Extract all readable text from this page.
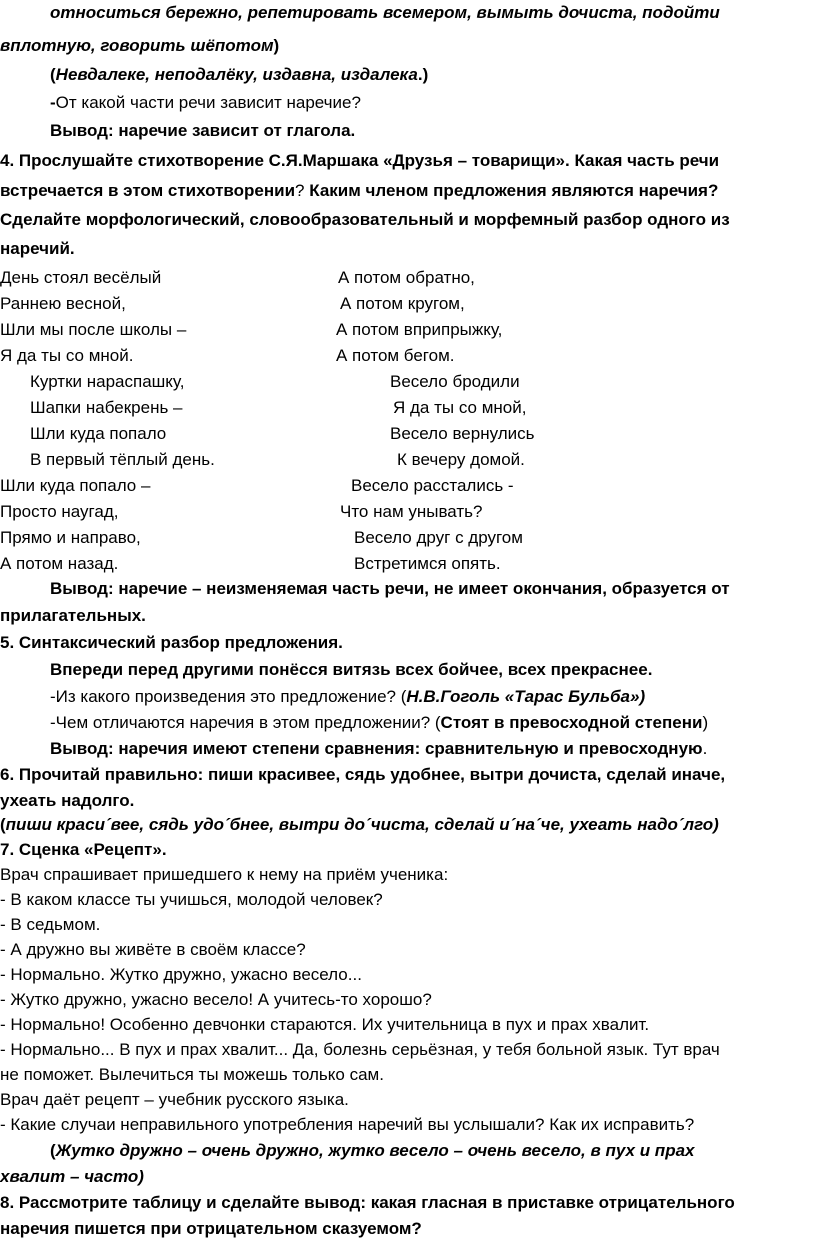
относиться бережно, репетировать всемером, вымыть дочиста, подойти
вплотную, говорить шёпотом)
(Невдалеке, неподалёку, издавна, издалека.)
-От какой части речи зависит наречие?
Вывод: наречие зависит от глагола.
4. Прослушайте стихотворение С.Я.Маршака «Друзья – товарищи». Какая часть речи
встречается в этом стихотворении? Каким членом предложения являются наречия?
Сделайте морфологический, словообразовательный и морфемный разбор одного из
наречий.
День стоял весёлый
Раннею весной,
Шли мы после школы –
Я да ты со мной.
Куртки нараспашку,
Шапки набекрень –
Шли куда попало
В первый тёплый день.
Шли куда попало –
Просто наугад,
Прямо и направо,
А потом назад.
А потом обратно,
А потом кругом,
А потом вприпрыжку,
А потом бегом.
Весело бродили
Я да ты со мной,
Весело вернулись
К вечеру домой.
Весело расстались -
Что нам унывать?
Весело друг с другом
Встретимся опять.
Вывод: наречие – неизменяемая часть речи, не имеет окончания, образуется от
прилагательных.
5. Синтаксический разбор предложения.
Впереди перед другими понёсся витязь всех бойчее, всех прекраснее.
-Из какого произведения это предложение? (Н.В.Гоголь «Тарас Бульба»)
-Чем отличаются наречия в этом предложении? (Стоят в превосходной степени)
Вывод: наречия имеют степени сравнения: сравнительную и превосходную.
6. Прочитай правильно: пиши красивее, сядь удобнее, вытри дочиста, сделай иначе,
ухеать надолго.
(пиши краси´вее, сядь удо´бнее, вытри до´чиста, сделай и´на´че, ухеать надо´лго)
7. Сценка «Рецепт».
Врач спрашивает пришедшего к нему на приём ученика:
- В каком классе ты учишься, молодой человек?
- В седьмом.
- А дружно вы живёте в своём классе?
- Нормально. Жутко дружно, ужасно весело...
- Жутко дружно, ужасно весело! А учитесь-то хорошо?
- Нормально! Особенно девчонки стараются. Их учительница в пух и прах хвалит.
- Нормально... В пух и прах хвалит... Да, болезнь серьёзная, у тебя больной язык. Тут врач
не поможет. Вылечиться ты можешь только сам.
Врач даёт рецепт – учебник русского языка.
- Какие случаи неправильного употребления наречий вы услышали? Как их исправить?
(Жутко дружно – очень дружно, жутко весело – очень весело, в пух и прах
хвалит – часто)
8. Рассмотрите таблицу и сделайте вывод: какая гласная в приставке отрицательного
наречия пишется при отрицательном сказуемом?
